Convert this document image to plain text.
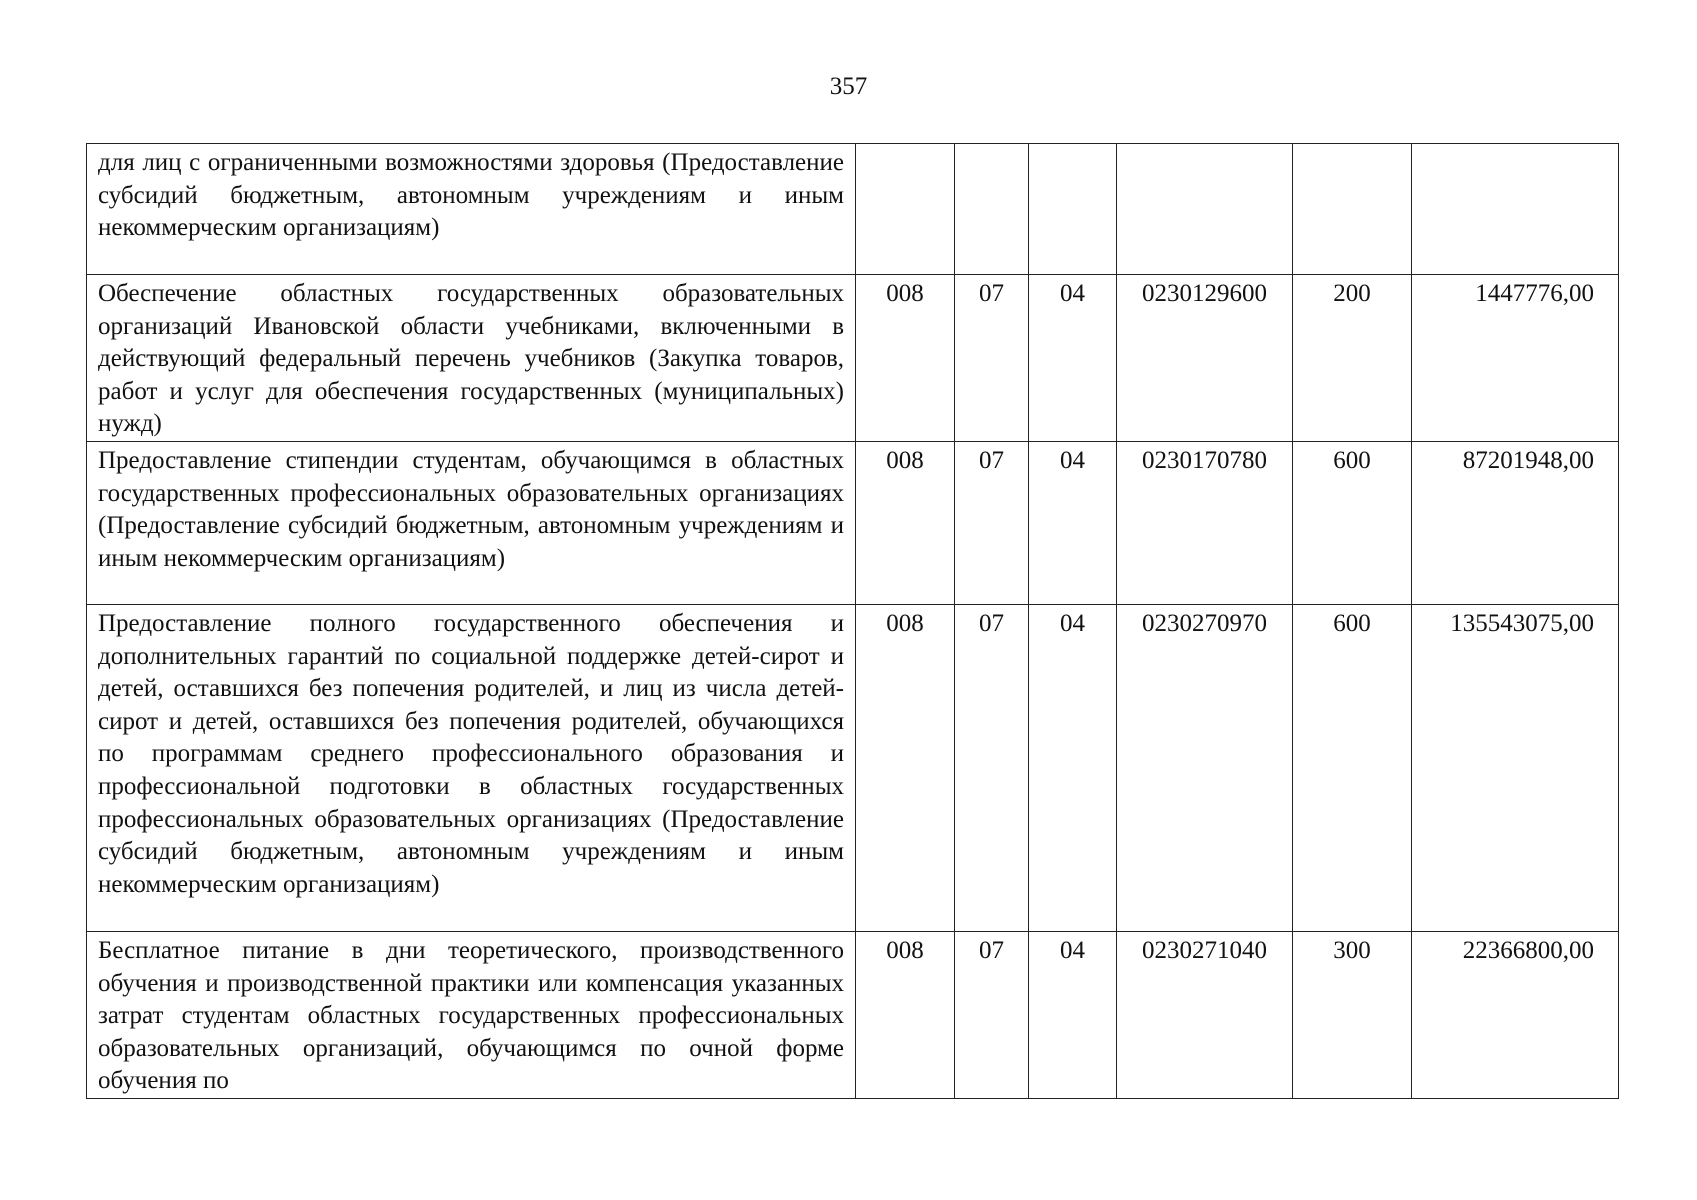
357
для лиц с ограниченными возможностями здоровья (Предоставление субсидий бюджетным, автономным учреждениям и иным некоммерческим организациям)						

Обеспечение областных государственных образовательных организаций Ивановской области учебниками, включенными в действующий федеральный перечень учебников (Закупка товаров, работ и услуг для обеспечения государственных (муниципальных) нужд)	008	07	04	0230129600	200	1447776,00

Предоставление стипендии студентам, обучающимся в областных государственных профессиональных образовательных организациях (Предоставление субсидий бюджетным, автономным учреждениям и иным некоммерческим организациям)	008	07	04	0230170780	600	87201948,00

Предоставление полного государственного обеспечения и дополнительных гарантий по социальной поддержке детей-сирот и детей, оставшихся без попечения родителей, и лиц из числа детей-сирот и детей, оставшихся без попечения родителей, обучающихся по программам среднего профессионального образования и профессиональной подготовки в областных государственных профессиональных образовательных организациях (Предоставление субсидий бюджетным, автономным учреждениям и иным некоммерческим организациям)	008	07	04	0230270970	600	135543075,00

Бесплатное питание в дни теоретического, производственного обучения и производственной практики или компенсация указанных затрат студентам областных государственных профессиональных образовательных организаций, обучающимся по очной форме обучения по	008	07	04	0230271040	300	22366800,00
